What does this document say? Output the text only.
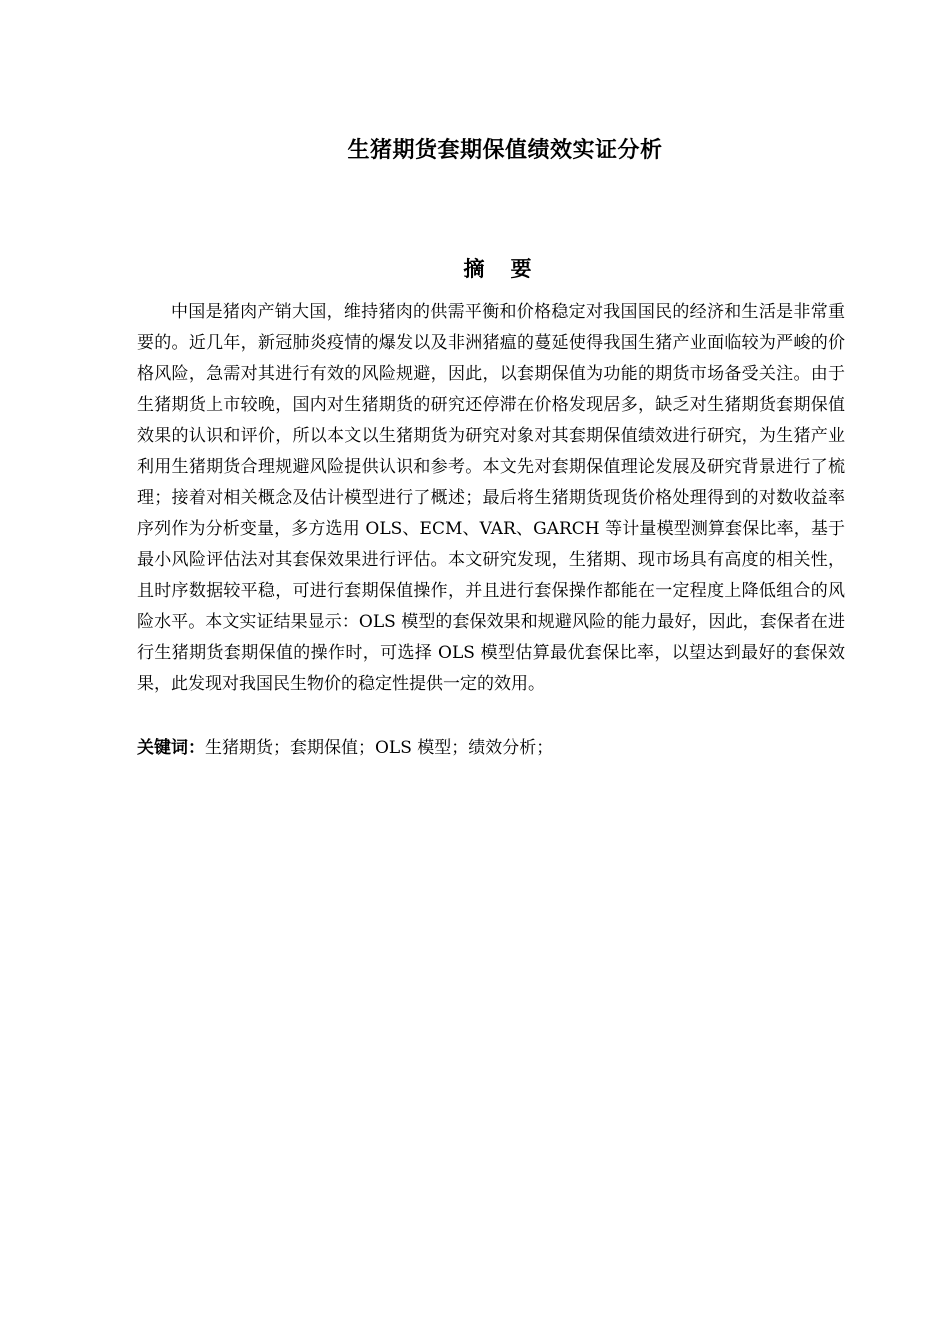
生猪期货套期保值绩效实证分析
摘 要

中国是猪肉产销大国，维持猪肉的供需平衡和价格稳定对我国国民的经济和生活是非常重要的。近几年，新冠肺炎疫情的爆发以及非洲猪瘟的蔓延使得我国生猪产业面临较为严峻的价格风险，急需对其进行有效的风险规避，因此，以套期保值为功能的期货市场备受关注。由于生猪期货上市较晚，国内对生猪期货的研究还停滞在价格发现居多，缺乏对生猪期货套期保值效果的认识和评价，所以本文以生猪期货为研究对象对其套期保值绩效进行研究，为生猪产业利用生猪期货合理规避风险提供认识和参考。本文先对套期保值理论发展及研究背景进行了梳理；接着对相关概念及估计模型进行了概述；最后将生猪期货现货价格处理得到的对数收益率序列作为分析变量，多方选用 OLS、ECM、VAR、GARCH 等计量模型测算套保比率，基于最小风险评估法对其套保效果进行评估。本文研究发现，生猪期、现市场具有高度的相关性，且时序数据较平稳，可进行套期保值操作，并且进行套保操作都能在一定程度上降低组合的风险水平。本文实证结果显示：OLS 模型的套保效果和规避风险的能力最好，因此，套保者在进行生猪期货套期保值的操作时，可选择 OLS 模型估算最优套保比率，以望达到最好的套保效果，此发现对我国民生物价的稳定性提供一定的效用。

关键词：生猪期货；套期保值；OLS 模型；绩效分析；
